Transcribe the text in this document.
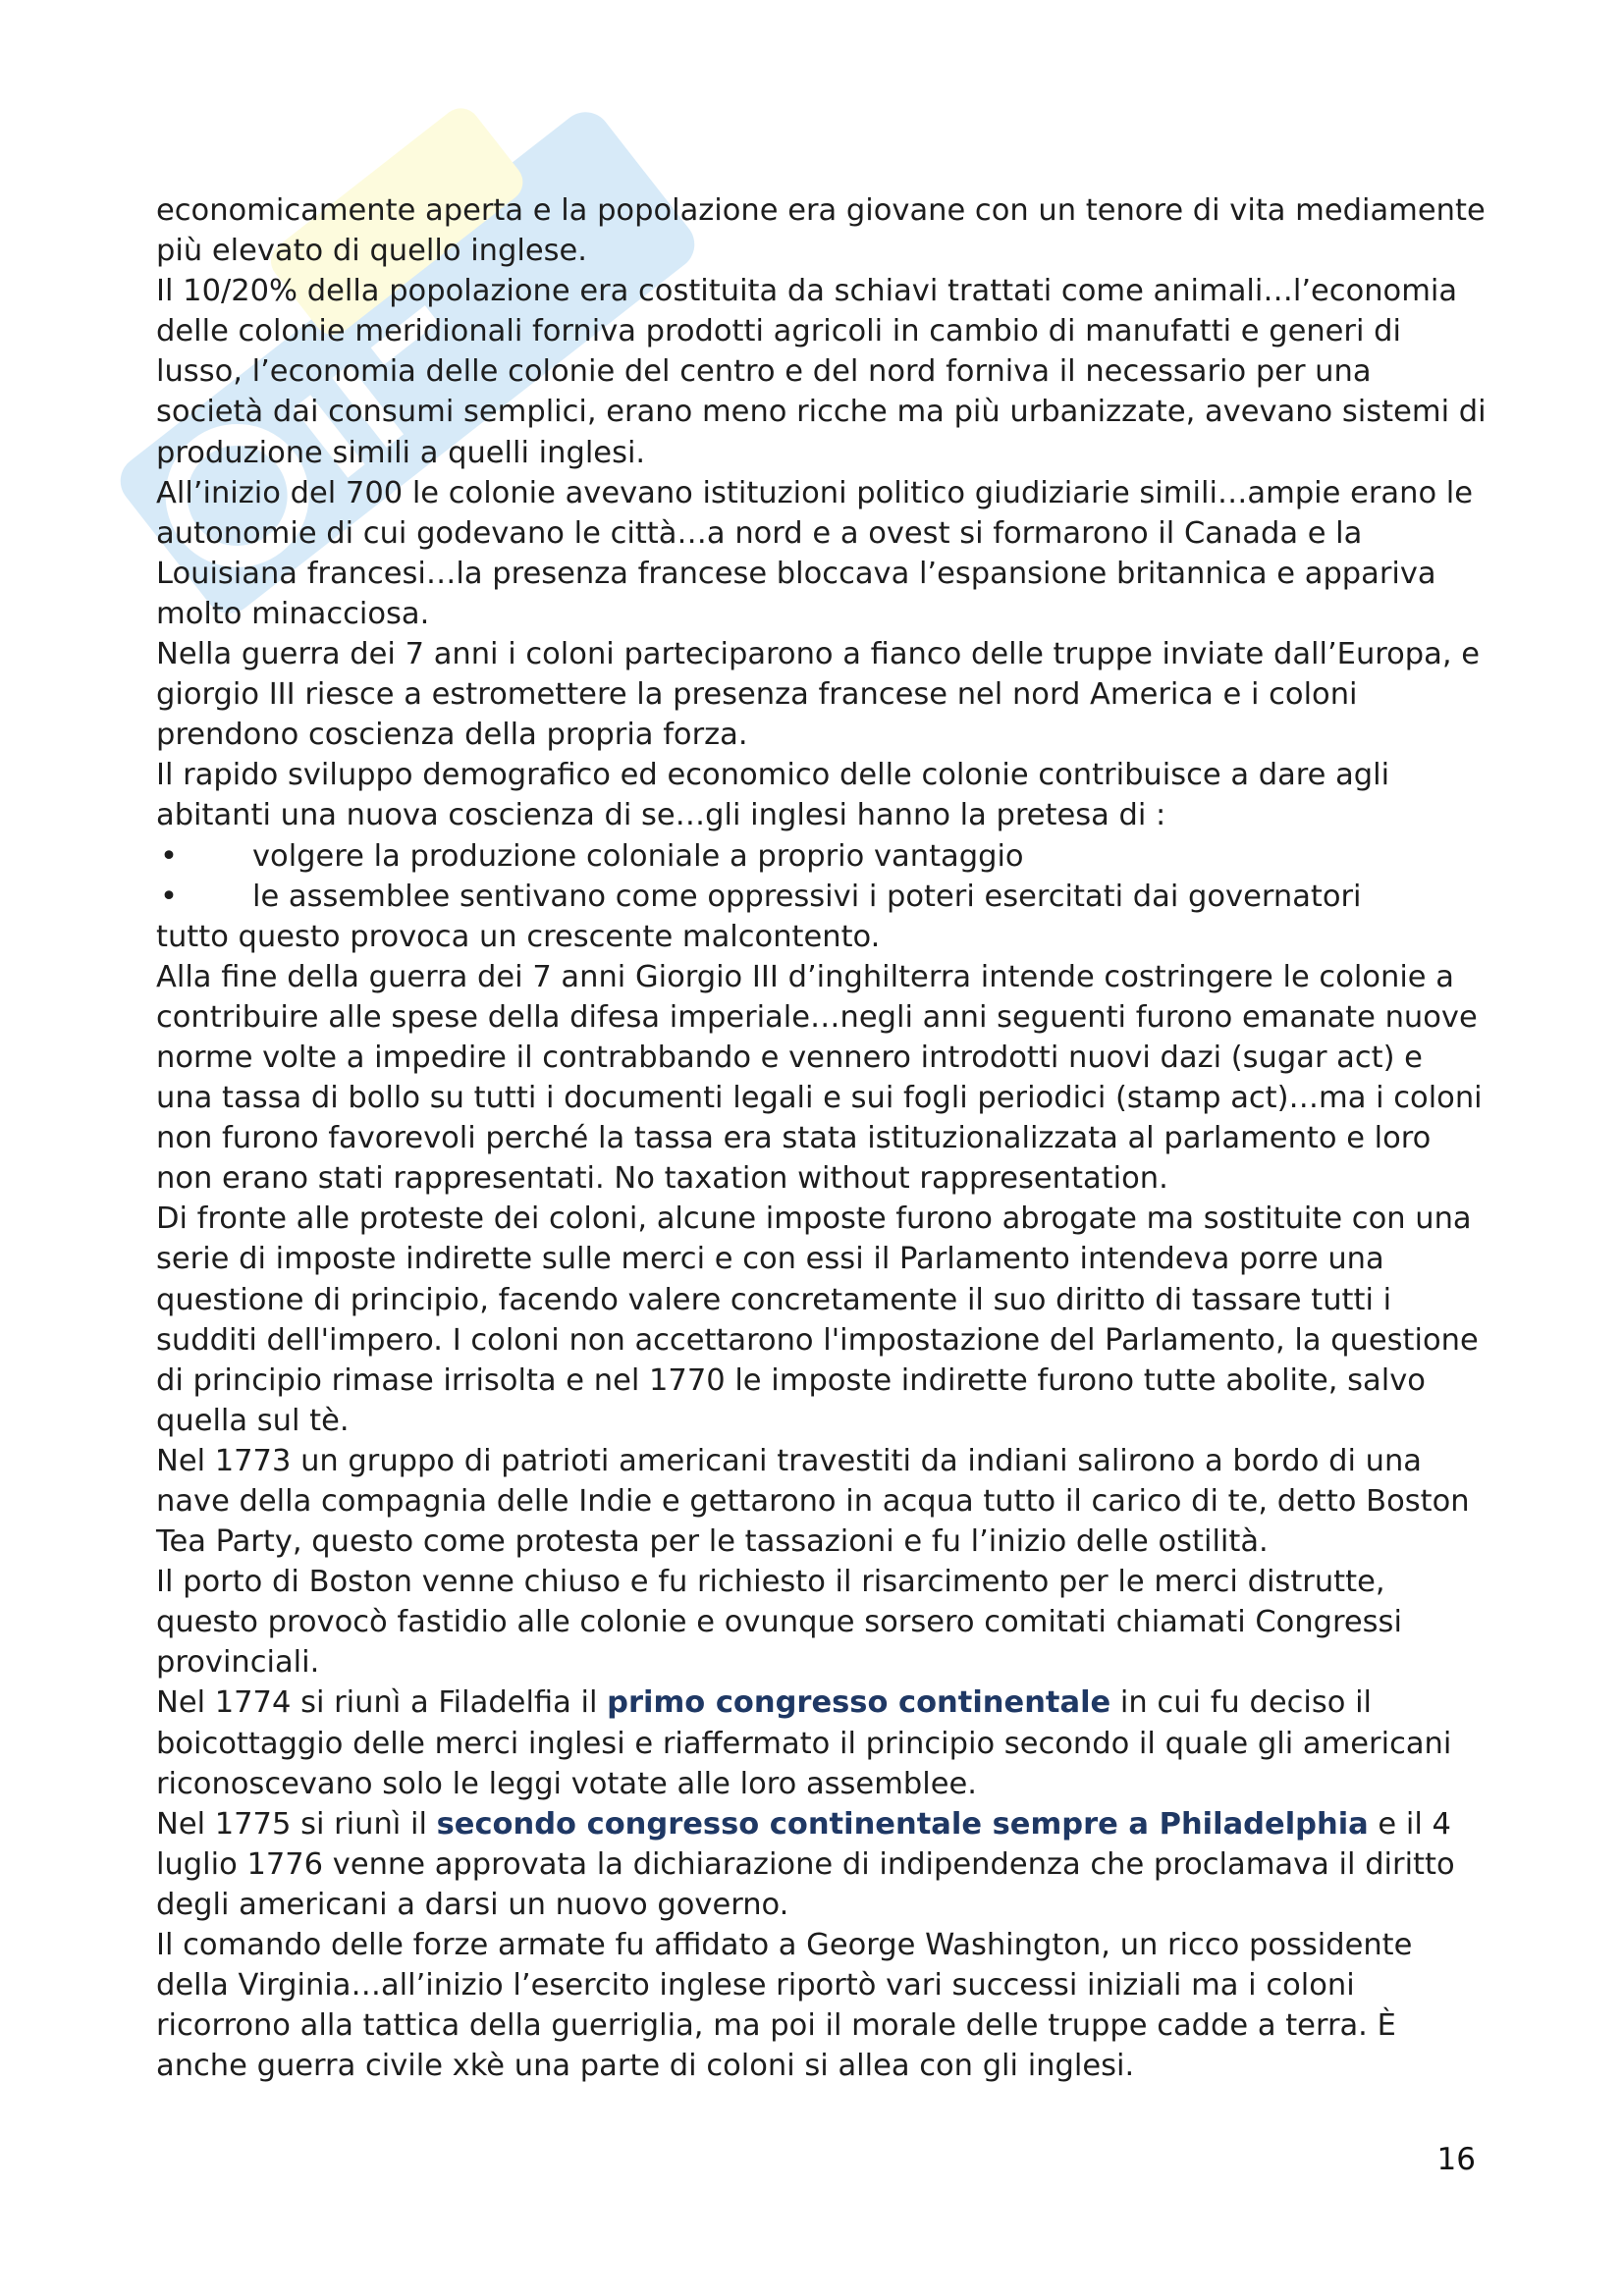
economicamente aperta e la popolazione era giovane con un tenore di vita mediamente più elevato di quello inglese.

Il 10/20% della popolazione era costituita da schiavi trattati come animali…l’economia delle colonie meridionali forniva prodotti agricoli in cambio di manufatti e generi di lusso, l’economia delle colonie del centro e del nord forniva il necessario per una società dai consumi semplici, erano meno ricche ma più urbanizzate, avevano sistemi di produzione simili a quelli inglesi.

All’inizio del 700 le colonie avevano istituzioni politico giudiziarie simili…ampie erano le autonomie di cui godevano le città…a nord e a ovest si formarono il Canada e la Louisiana francesi…la presenza francese bloccava l’espansione britannica e appariva molto minacciosa.

Nella guerra dei 7 anni i coloni parteciparono a fianco delle truppe inviate dall’Europa, e giorgio III riesce a estromettere la presenza francese nel nord America e i coloni prendono coscienza della propria forza.

Il rapido sviluppo demografico ed economico delle colonie contribuisce a dare agli abitanti una nuova coscienza di se…gli inglesi hanno la pretesa di :

•	volgere la produzione coloniale a proprio vantaggio
•	le assemblee sentivano come oppressivi i poteri esercitati dai governatori

tutto questo provoca un crescente malcontento.

Alla fine della guerra dei 7 anni Giorgio III d’inghilterra intende costringere le colonie a contribuire alle spese della difesa imperiale…negli anni seguenti furono emanate nuove norme volte a impedire il contrabbando e vennero introdotti nuovi dazi (sugar act) e una tassa di bollo su tutti i documenti legali e sui fogli periodici (stamp act)…ma i coloni non furono favorevoli perché la tassa era stata istituzionalizzata al parlamento e loro non erano stati rappresentati. No taxation without rappresentation.

Di fronte alle proteste dei coloni, alcune imposte furono abrogate ma sostituite con una serie di imposte indirette sulle merci e con essi il Parlamento intendeva porre una questione di principio, facendo valere concretamente il suo diritto di tassare tutti i sudditi dell'impero. I coloni non accettarono l'impostazione del Parlamento, la questione di principio rimase irrisolta e nel 1770 le imposte indirette furono tutte abolite, salvo quella sul tè.

Nel 1773 un gruppo di patrioti americani travestiti da indiani salirono a bordo di una nave della compagnia delle Indie e gettarono in acqua tutto il carico di te, detto Boston Tea Party, questo come protesta per le tassazioni e fu l’inizio delle ostilità.

Il porto di Boston venne chiuso e fu richiesto il risarcimento per le merci distrutte, questo provocò fastidio alle colonie e ovunque sorsero comitati chiamati Congressi provinciali.

Nel 1774 si riunì a Filadelfia il primo congresso continentale in cui fu deciso il boicottaggio delle merci inglesi e riaffermato il principio secondo il quale gli americani riconoscevano solo le leggi votate alle loro assemblee.

Nel 1775 si riunì il secondo congresso continentale sempre a Philadelphia e il 4 luglio 1776 venne approvata la dichiarazione di indipendenza che proclamava il diritto degli americani a darsi un nuovo governo.

Il comando delle forze armate fu affidato a George Washington, un ricco possidente della Virginia…all’inizio l’esercito inglese riportò vari successi iniziali ma i coloni ricorrono alla tattica della guerriglia, ma poi il morale delle truppe cadde a terra. È anche guerra civile xkè una parte di coloni si allea con gli inglesi.

16
